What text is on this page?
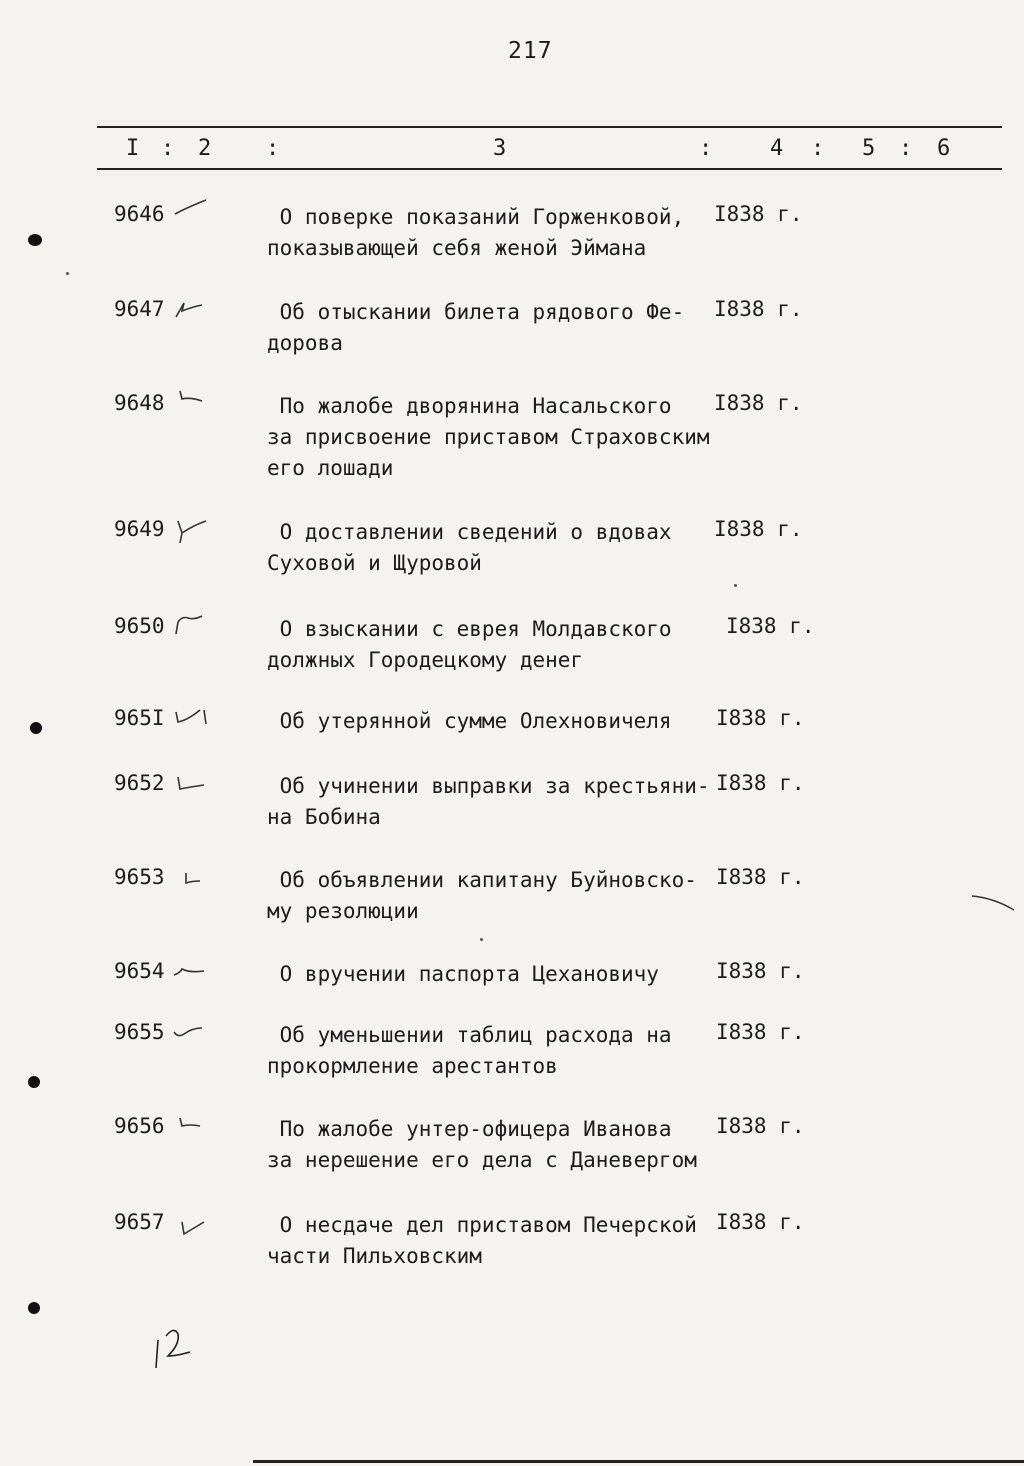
217
I : 2 :	3	:	4 : 5 : 6
9646	О поверке показаний Горженковой,
показывающей себя женой Эймана
I838 г.
9647	Об отыскании билета рядового Фе-
дорова
I838 г.
9648	По жалобе дворянина Насальского
за присвоение приставом Страховским
его лошади
I838 г.
9649	О доставлении сведений о вдовах
Суховой и Щуровой
I838 г.
9650	О взыскании с еврея Молдавского
должных Городецкому денег
I838 г.
965I	Об утерянной сумме Олехновичеля I838 г.
9652	Об учинении выправки за крестьяни-
на Бобина
I838 г.
9653	Об объявлении капитану Буйновско-
му резолюции
I838 г.
9654	О вручении паспорта Цехановичу	I838 г.
9655	Об уменьшении таблиц расхода на
прокормление арестантов
I838 г.
9656	По жалобе унтер-офицера Иванова
за нерешение его дела с Даневергом
I838 г.
9657	О несдаче дел приставом Печерской
части Пильховским
I838 г.
